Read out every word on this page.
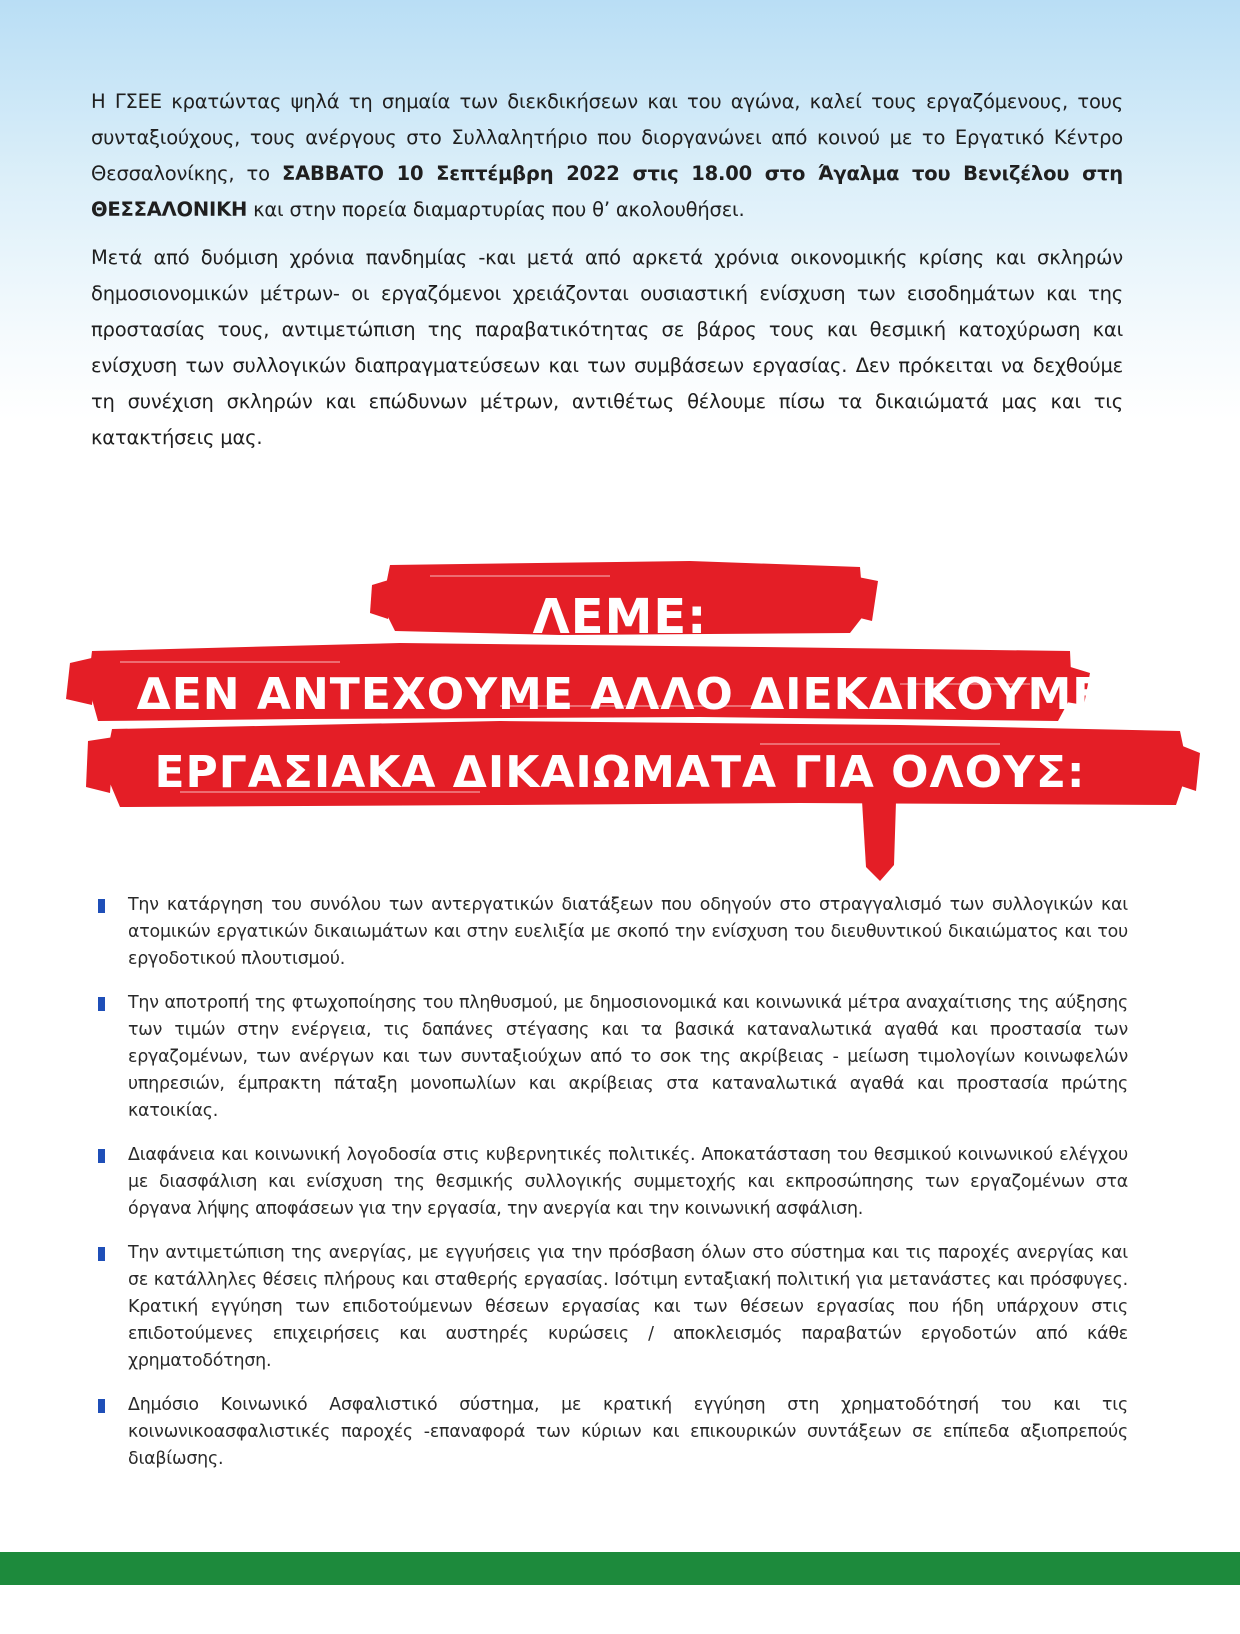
Η ΓΣΕΕ κρατώντας ψηλά τη σημαία των διεκδικήσεων και του αγώνα, καλεί τους εργαζόμενους, τους συνταξιούχους, τους ανέργους στο Συλλαλητήριο που διοργανώνει από κοινού με το Εργατικό Κέντρο Θεσσαλονίκης, το ΣΑΒΒΑΤΟ 10 Σεπτέμβρη 2022 στις 18.00 στο Άγαλμα του Βενιζέλου στη ΘΕΣΣΑΛΟΝΙΚΗ και στην πορεία διαμαρτυρίας που θ’ ακολουθήσει.

Μετά από δυόμιση χρόνια πανδημίας -και μετά από αρκετά χρόνια οικονομικής κρίσης και σκληρών δημοσιονομικών μέτρων- οι εργαζόμενοι χρειάζονται ουσιαστική ενίσχυση των εισοδημάτων και της προστασίας τους, αντιμετώπιση της παραβατικότητας σε βάρος τους και θεσμική κατοχύρωση και ενίσχυση των συλλογικών διαπραγματεύσεων και των συμβάσεων εργασίας. Δεν πρόκειται να δεχθούμε τη συνέχιση σκληρών και επώδυνων μέτρων, αντιθέτως θέλουμε πίσω τα δικαιώματά μας και τις κατακτήσεις μας.

ΛΕΜΕ:
ΔΕΝ ΑΝΤΕΧΟΥΜΕ ΑΛΛΟ ΔΙΕΚΔΙΚΟΥΜΕ
ΕΡΓΑΣΙΑΚΑ ΔΙΚΑΙΩΜΑΤΑ ΓΙΑ ΟΛΟΥΣ:
Την κατάργηση του συνόλου των αντεργατικών διατάξεων που οδηγούν στο στραγγαλισμό των συλλογικών και ατομικών εργατικών δικαιωμάτων και στην ευελιξία με σκοπό την ενίσχυση του διευθυντικού δικαιώματος και του εργοδοτικού πλουτισμού.
Την αποτροπή της φτωχοποίησης του πληθυσμού, με δημοσιονομικά και κοινωνικά μέτρα αναχαίτισης της αύξησης των τιμών στην ενέργεια, τις δαπάνες στέγασης και τα βασικά καταναλωτικά αγαθά και προστασία των εργαζομένων, των ανέργων και των συνταξιούχων από το σοκ της ακρίβειας - μείωση τιμολογίων κοινωφελών υπηρεσιών, έμπρακτη πάταξη μονοπωλίων και ακρίβειας στα καταναλωτικά αγαθά και προστασία πρώτης κατοικίας.
Διαφάνεια και κοινωνική λογοδοσία στις κυβερνητικές πολιτικές. Αποκατάσταση του θεσμικού κοινωνικού ελέγχου με διασφάλιση και ενίσχυση της θεσμικής συλλογικής συμμετοχής και εκπροσώπησης των εργαζομένων στα όργανα λήψης αποφάσεων για την εργασία, την ανεργία και την κοινωνική ασφάλιση.
Την αντιμετώπιση της ανεργίας, με εγγυήσεις για την πρόσβαση όλων στο σύστημα και τις παροχές ανεργίας και σε κατάλληλες θέσεις πλήρους και σταθερής εργασίας. Ισότιμη ενταξιακή πολιτική για μετανάστες και πρόσφυγες. Κρατική εγγύηση των επιδοτούμενων θέσεων εργασίας και των θέσεων εργασίας που ήδη υπάρχουν στις επιδοτούμενες επιχειρήσεις και αυστηρές κυρώσεις / αποκλεισμός παραβατών εργοδοτών από κάθε χρηματοδότηση.
Δημόσιο Κοινωνικό Ασφαλιστικό σύστημα, με κρατική εγγύηση στη χρηματοδότησή του και τις κοινωνικοασφαλιστικές παροχές -επαναφορά των κύριων και επικουρικών συντάξεων σε επίπεδα αξιοπρεπούς διαβίωσης.
